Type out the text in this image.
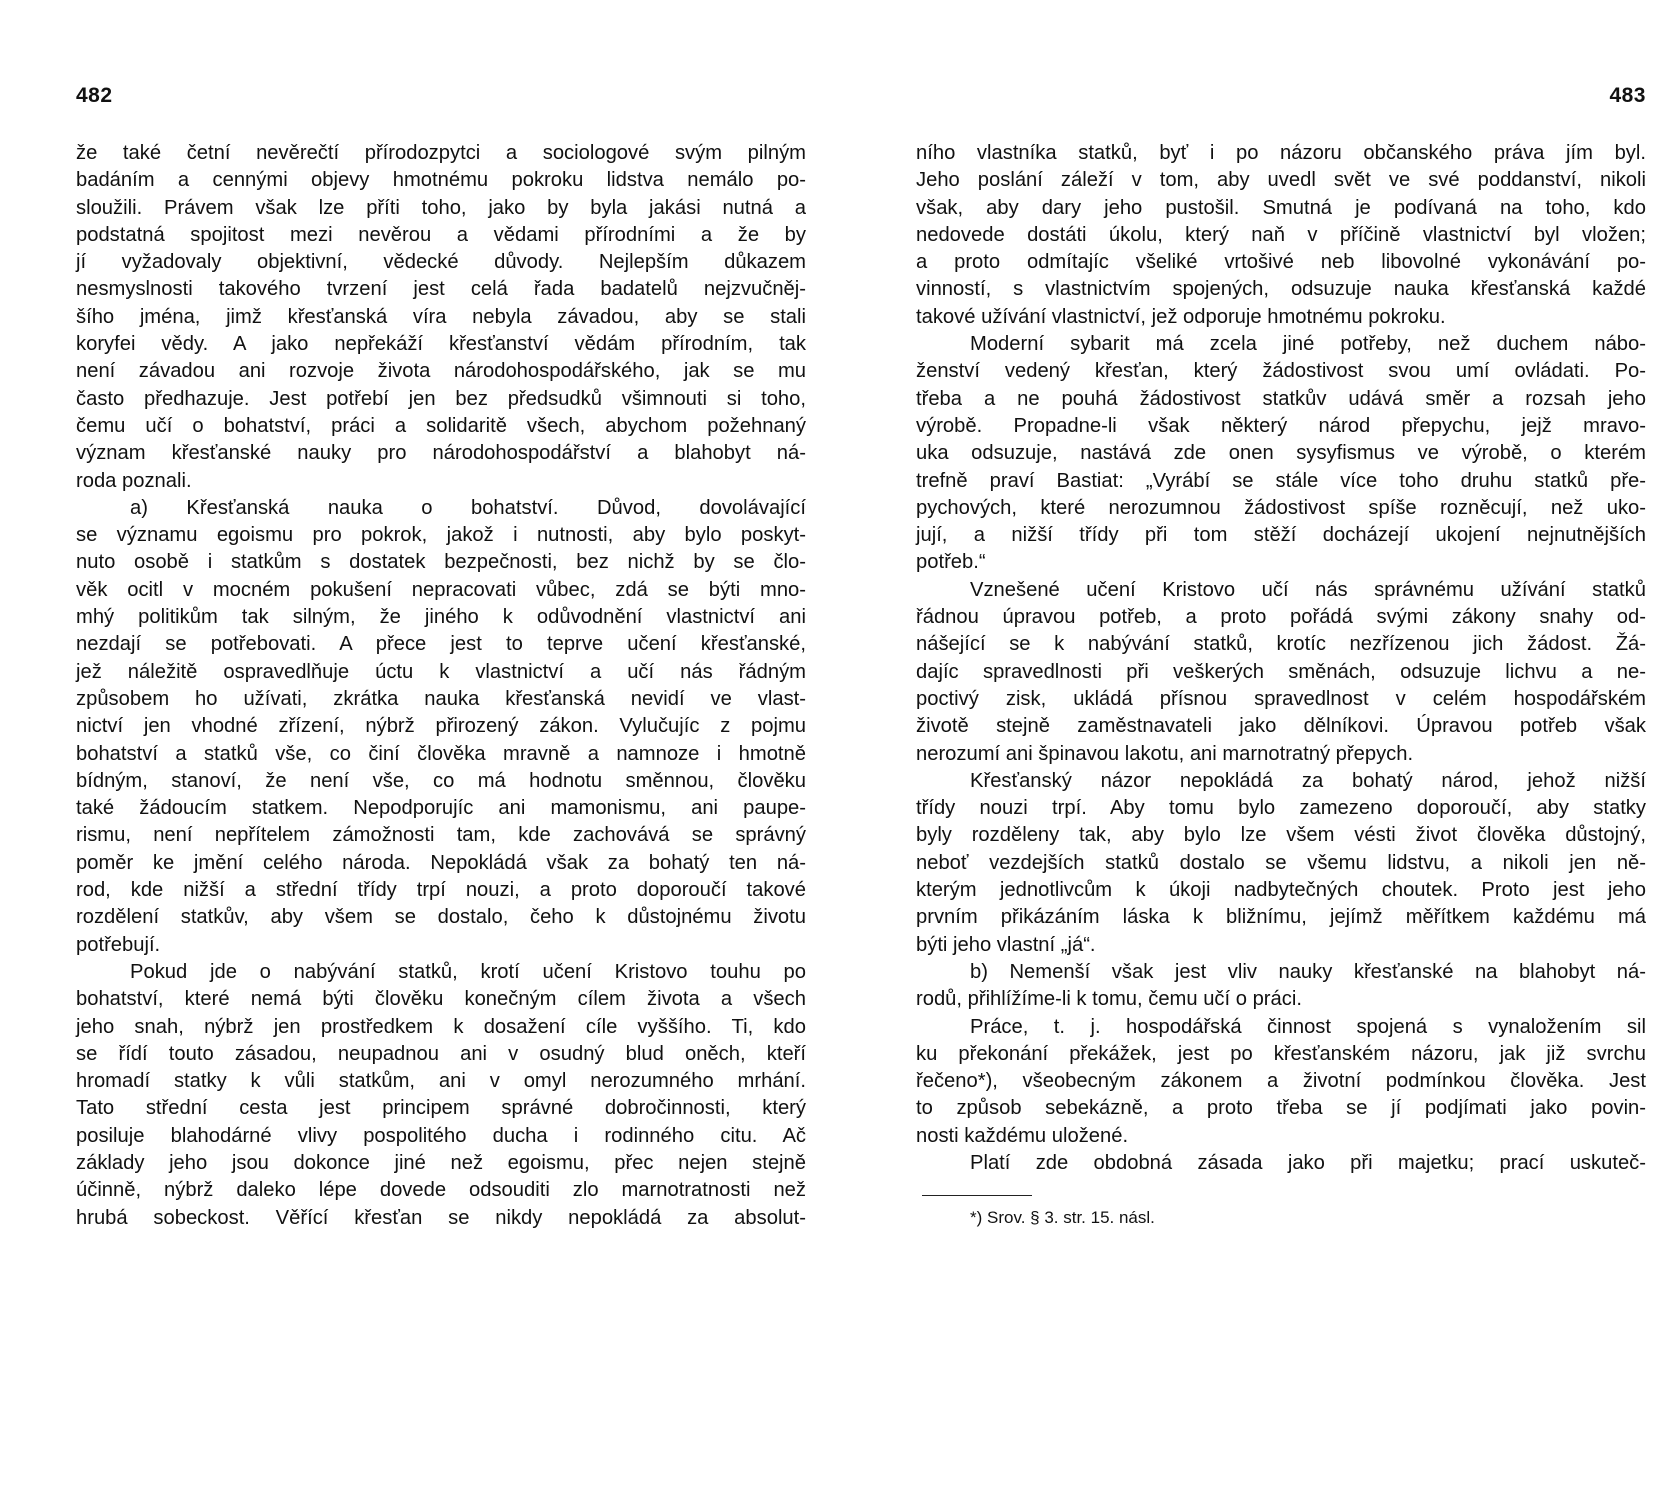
482
že také četní nevěrečtí přírodozpytci a sociologové svým pilným
badáním a cennými objevy hmotnému pokroku lidstva nemálo po-
sloužili. Právem však lze příti toho, jako by byla jakási nutná a
podstatná spojitost mezi nevěrou a vědami přírodními a že by
jí vyžadovaly objektivní, vědecké důvody. Nejlepším důkazem
nesmyslnosti takového tvrzení jest celá řada badatelů nejzvučněj-
šího jména, jimž křesťanská víra nebyla závadou, aby se stali
koryfei vědy. A jako nepřekáží křesťanství vědám přírodním, tak
není závadou ani rozvoje života národohospodářského, jak se mu
často předhazuje. Jest potřebí jen bez předsudků všimnouti si toho,
čemu učí o bohatství, práci a solidaritě všech, abychom požehnaný
význam křesťanské nauky pro národohospodářství a blahobyt ná-
roda poznali.
a) Křesťanská nauka o bohatství. Důvod, dovolávající
se významu egoismu pro pokrok, jakož i nutnosti, aby bylo poskyt-
nuto osobě i statkům s dostatek bezpečnosti, bez nichž by se člo-
věk ocitl v mocném pokušení nepracovati vůbec, zdá se býti mno-
mhý politikům tak silným, že jiného k odůvodnění vlastnictví ani
nezdají se potřebovati. A přece jest to teprve učení křesťanské,
jež náležitě ospravedlňuje úctu k vlastnictví a učí nás řádným
způsobem ho užívati, zkrátka nauka křesťanská nevidí ve vlast-
nictví jen vhodné zřízení, nýbrž přirozený zákon. Vylučujíc z pojmu
bohatství a statků vše, co činí člověka mravně a namnoze i hmotně
bídným, stanoví, že není vše, co má hodnotu směnnou, člověku
také žádoucím statkem. Nepodporujíc ani mamonismu, ani paupe-
rismu, není nepřítelem zámožnosti tam, kde zachovává se správný
poměr ke jmění celého národa. Nepokládá však za bohatý ten ná-
rod, kde nižší a střední třídy trpí nouzi, a proto doporoučí takové
rozdělení statkův, aby všem se dostalo, čeho k důstojnému životu
potřebují.
Pokud jde o nabývání statků, krotí učení Kristovo touhu po
bohatství, které nemá býti člověku konečným cílem života a všech
jeho snah, nýbrž jen prostředkem k dosažení cíle vyššího. Ti, kdo
se řídí touto zásadou, neupadnou ani v osudný blud oněch, kteří
hromadí statky k vůli statkům, ani v omyl nerozumného mrhání.
Tato střední cesta jest principem správné dobročinnosti, který
posiluje blahodárné vlivy pospolitého ducha i rodinného citu. Ač
základy jeho jsou dokonce jiné než egoismu, přec nejen stejně
účinně, nýbrž daleko lépe dovede odsouditi zlo marnotratnosti než
hrubá sobeckost. Věřící křesťan se nikdy nepokládá za absolut-
483
ního vlastníka statků, byť i po názoru občanského práva jím byl.
Jeho poslání záleží v tom, aby uvedl svět ve své poddanství, nikoli
však, aby dary jeho pustošil. Smutná je podívaná na toho, kdo
nedovede dostáti úkolu, který naň v příčině vlastnictví byl vložen;
a proto odmítajíc všeliké vrtošivé neb libovolné vykonávání po-
vinností, s vlastnictvím spojených, odsuzuje nauka křesťanská každé
takové užívání vlastnictví, jež odporuje hmotnému pokroku.
Moderní sybarit má zcela jiné potřeby, než duchem nábo-
ženství vedený křesťan, který žádostivost svou umí ovládati. Po-
třeba a ne pouhá žádostivost statkův udává směr a rozsah jeho
výrobě. Propadne-li však některý národ přepychu, jejž mravo-
uka odsuzuje, nastává zde onen sysyfismus ve výrobě, o kterém
trefně praví Bastiat: „Vyrábí se stále více toho druhu statků pře-
pychových, které nerozumnou žádostivost spíše rozněcují, než uko-
jují, a nižší třídy při tom stěží docházejí ukojení nejnutnějších
potřeb.“
Vznešené učení Kristovo učí nás správnému užívání statků
řádnou úpravou potřeb, a proto pořádá svými zákony snahy od-
nášející se k nabývání statků, krotíc nezřízenou jich žádost. Žá-
dajíc spravedlnosti při veškerých směnách, odsuzuje lichvu a ne-
poctivý zisk, ukládá přísnou spravedlnost v celém hospodářském
životě stejně zaměstnavateli jako dělníkovi. Úpravou potřeb však
nerozumí ani špinavou lakotu, ani marnotratný přepych.
Křesťanský názor nepokládá za bohatý národ, jehož nižší
třídy nouzi trpí. Aby tomu bylo zamezeno doporoučí, aby statky
byly rozděleny tak, aby bylo lze všem vésti život člověka důstojný,
neboť vezdejších statků dostalo se všemu lidstvu, a nikoli jen ně-
kterým jednotlivcům k úkoji nadbytečných choutek. Proto jest jeho
prvním přikázáním láska k bližnímu, jejímž měřítkem každému má
býti jeho vlastní „já“.
b) Nemenší však jest vliv nauky křesťanské na blahobyt ná-
rodů, přihlížíme-li k tomu, čemu učí o práci.
Práce, t. j. hospodářská činnost spojená s vynaložením sil
ku překonání překážek, jest po křesťanském názoru, jak již svrchu
řečeno*), všeobecným zákonem a životní podmínkou člověka. Jest
to způsob sebekázně, a proto třeba se jí podjímati jako povin-
nosti každému uložené.
Platí zde obdobná zásada jako při majetku; prací uskuteč-
*) Srov. § 3. str. 15. násl.
